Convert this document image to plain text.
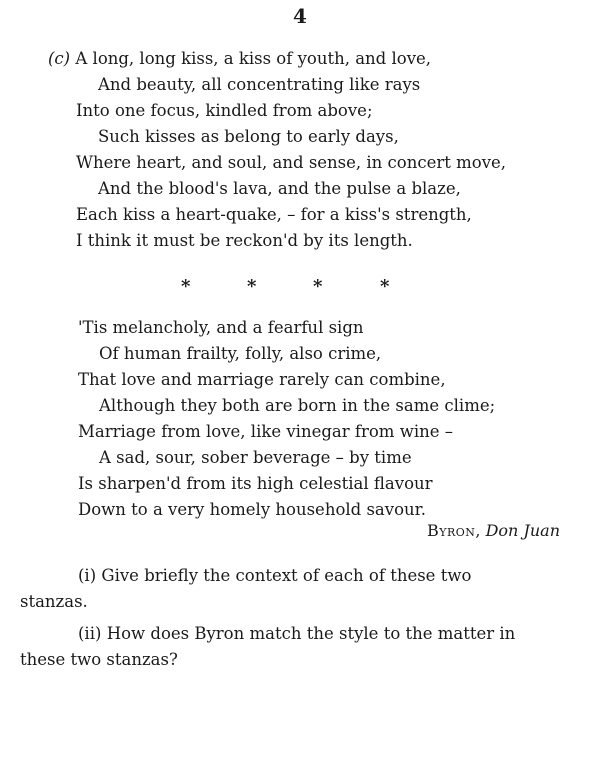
4
(c) A long, long kiss, a kiss of youth, and love,
And beauty, all concentrating like rays
Into one focus, kindled from above;
Such kisses as belong to early days,
Where heart, and soul, and sense, in concert move,
And the blood's lava, and the pulse a blaze,
Each kiss a heart-quake, – for a kiss's strength,
I think it must be reckon'd by its length.
*	*	*	*
'Tis melancholy, and a fearful sign
Of human frailty, folly, also crime,
That love and marriage rarely can combine,
Although they both are born in the same clime;
Marriage from love, like vinegar from wine –
A sad, sour, sober beverage – by time
Is sharpen'd from its high celestial flavour
Down to a very homely household savour.
Byron, Don Juan
(i) Give briefly the context of each of these two
stanzas.
(ii) How does Byron match the style to the matter in
these two stanzas?
